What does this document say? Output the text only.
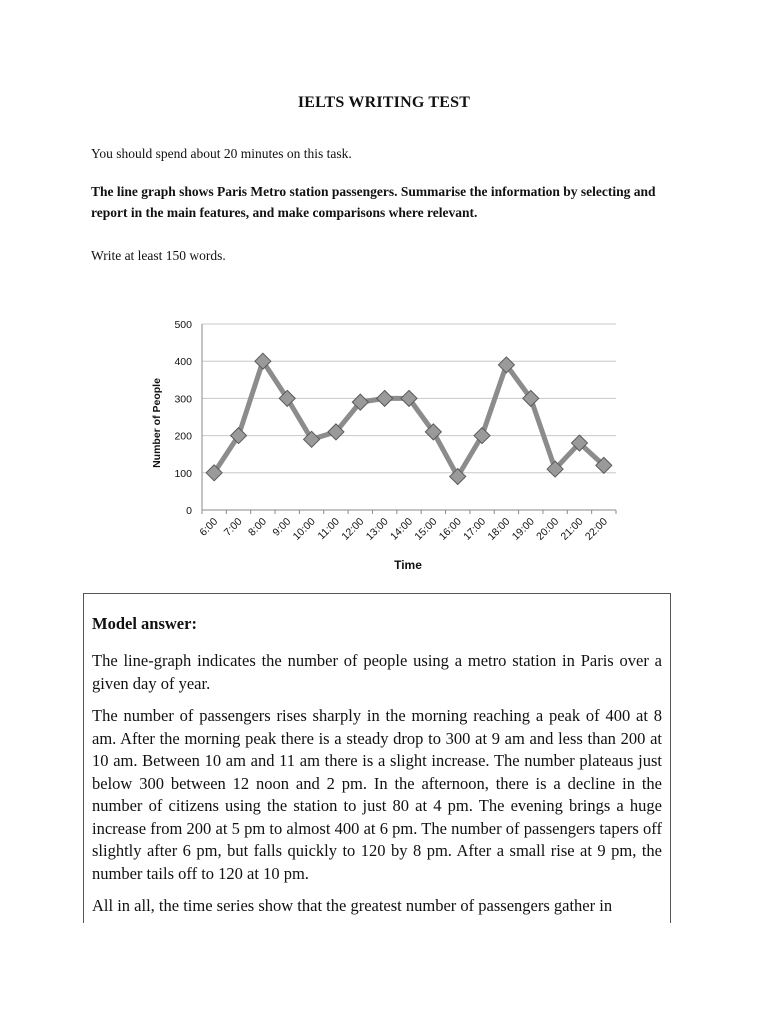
IELTS WRITING TEST
You should spend about 20 minutes on this task.
The line graph shows Paris Metro station passengers. Summarise the information by selecting and report in the main features, and make comparisons where relevant.
Write at least 150 words.
0
100
200
300
400
500
6:00 7:00 8:00 9:00
10:00
11:00
12:00
13:00
14:00
15:00
16:00
17:00
18:00
19:00
20:00
21:00
22:00
Time
Number of People
Model answer:

The line-graph indicates the number of people using a metro station in Paris over a given day of year.

The number of passengers rises sharply in the morning reaching a peak of 400 at 8 am. After the morning peak there is a steady drop to 300 at 9 am and less than 200 at 10 am. Between 10 am and 11 am there is a slight increase. The number plateaus just below 300 between 12 noon and 2 pm. In the afternoon, there is a decline in the number of citizens using the station to just 80 at 4 pm. The evening brings a huge increase from 200 at 5 pm to almost 400 at 6 pm. The number of passengers tapers off slightly after 6 pm, but falls quickly to 120 by 8 pm. After a small rise at 9 pm, the number tails off to 120 at 10 pm.

All in all, the time series show that the greatest number of passengers gather in
